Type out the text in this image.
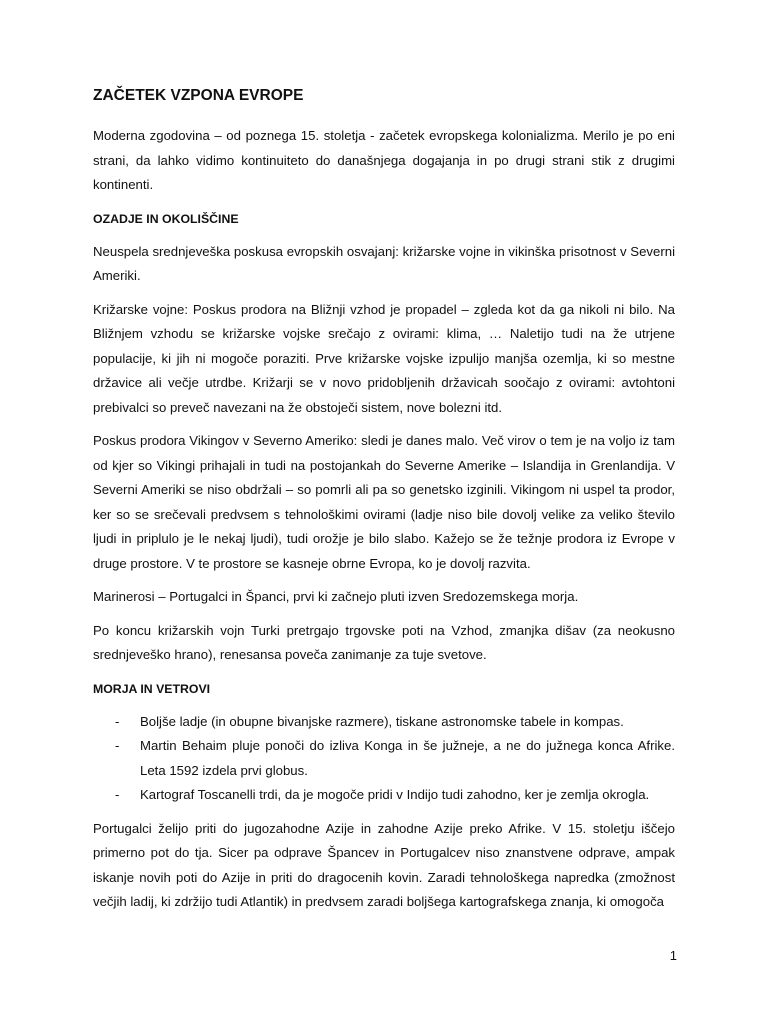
ZAČETEK VZPONA EVROPE

Moderna zgodovina – od poznega 15. stoletja - začetek evropskega kolonializma. Merilo je po eni strani, da lahko vidimo kontinuiteto do današnjega dogajanja in po drugi strani stik z drugimi kontinenti.

OZADJE IN OKOLIŠČINE

Neuspela srednjeveška poskusa evropskih osvajanj: križarske vojne in vikinška prisotnost v Severni Ameriki.

Križarske vojne: Poskus prodora na Bližnji vzhod je propadel – zgleda kot da ga nikoli ni bilo. Na Bližnjem vzhodu se križarske vojske srečajo z ovirami: klima, … Naletijo tudi na že utrjene populacije, ki jih ni mogoče poraziti. Prve križarske vojske izpulijo manjša ozemlja, ki so mestne državice ali večje utrdbe. Križarji se v novo pridobljenih državicah soočajo z ovirami: avtohtoni prebivalci so preveč navezani na že obstoječi sistem, nove bolezni itd.

Poskus prodora Vikingov v Severno Ameriko: sledi je danes malo. Več virov o tem je na voljo iz tam od kjer so Vikingi prihajali in tudi na postojankah do Severne Amerike – Islandija in Grenlandija. V Severni Ameriki se niso obdržali – so pomrli ali pa so genetsko izginili. Vikingom ni uspel ta prodor, ker so se srečevali predvsem s tehnološkimi ovirami (ladje niso bile dovolj velike za veliko število ljudi in priplulo je le nekaj ljudi), tudi orožje je bilo slabo. Kažejo se že težnje prodora iz Evrope v druge prostore. V te prostore se kasneje obrne Evropa, ko je dovolj razvita.

Marinerosi – Portugalci in Španci, prvi ki začnejo pluti izven Sredozemskega morja.

Po koncu križarskih vojn Turki pretrgajo trgovske poti na Vzhod, zmanjka dišav (za neokusno srednjeveško hrano), renesansa poveča zanimanje za tuje svetove.

MORJA IN VETROVI
- Boljše ladje (in obupne bivanjske razmere), tiskane astronomske tabele in kompas.
- Martin Behaim pluje ponoči do izliva Konga in še južneje, a ne do južnega konca Afrike. Leta 1592 izdela prvi globus.
- Kartograf Toscanelli trdi, da je mogoče pridi v Indijo tudi zahodno, ker je zemlja okrogla.

Portugalci želijo priti do jugozahodne Azije in zahodne Azije preko Afrike. V 15. stoletju iščejo primerno pot do tja. Sicer pa odprave Špancev in Portugalcev niso znanstvene odprave, ampak iskanje novih poti do Azije in priti do dragocenih kovin. Zaradi tehnološkega napredka (zmožnost večjih ladij, ki zdržijo tudi Atlantik) in predvsem zaradi boljšega kartografskega znanja, ki omogoča

1
